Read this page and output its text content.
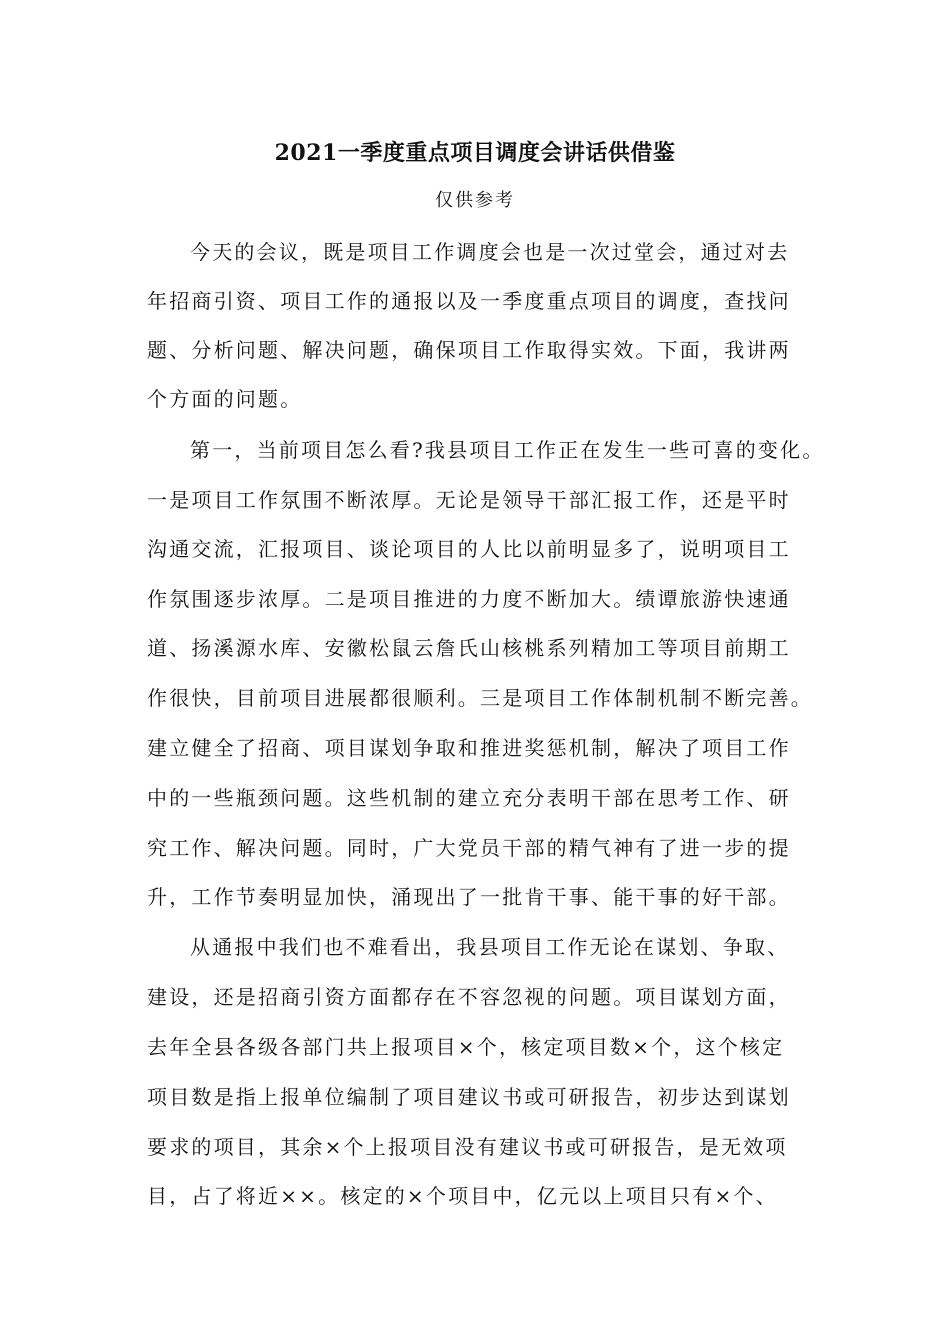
2021一季度重点项目调度会讲话供借鉴
仅供参考
今天的会议，既是项目工作调度会也是一次过堂会，通过对去
年招商引资、项目工作的通报以及一季度重点项目的调度，查找问
题、分析问题、解决问题，确保项目工作取得实效。下面，我讲两
个方面的问题。
第一，当前项目怎么看?我县项目工作正在发生一些可喜的变化。
一是项目工作氛围不断浓厚。无论是领导干部汇报工作，还是平时
沟通交流，汇报项目、谈论项目的人比以前明显多了，说明项目工
作氛围逐步浓厚。二是项目推进的力度不断加大。绩谭旅游快速通
道、扬溪源水库、安徽松鼠云詹氏山核桃系列精加工等项目前期工
作很快，目前项目进展都很顺利。三是项目工作体制机制不断完善。
建立健全了招商、项目谋划争取和推进奖惩机制，解决了项目工作
中的一些瓶颈问题。这些机制的建立充分表明干部在思考工作、研
究工作、解决问题。同时，广大党员干部的精气神有了进一步的提
升，工作节奏明显加快，涌现出了一批肯干事、能干事的好干部。
从通报中我们也不难看出，我县项目工作无论在谋划、争取、
建设，还是招商引资方面都存在不容忽视的问题。项目谋划方面，
去年全县各级各部门共上报项目×个，核定项目数×个，这个核定
项目数是指上报单位编制了项目建议书或可研报告，初步达到谋划
要求的项目，其余×个上报项目没有建议书或可研报告，是无效项
目，占了将近××。核定的×个项目中，亿元以上项目只有×个、
